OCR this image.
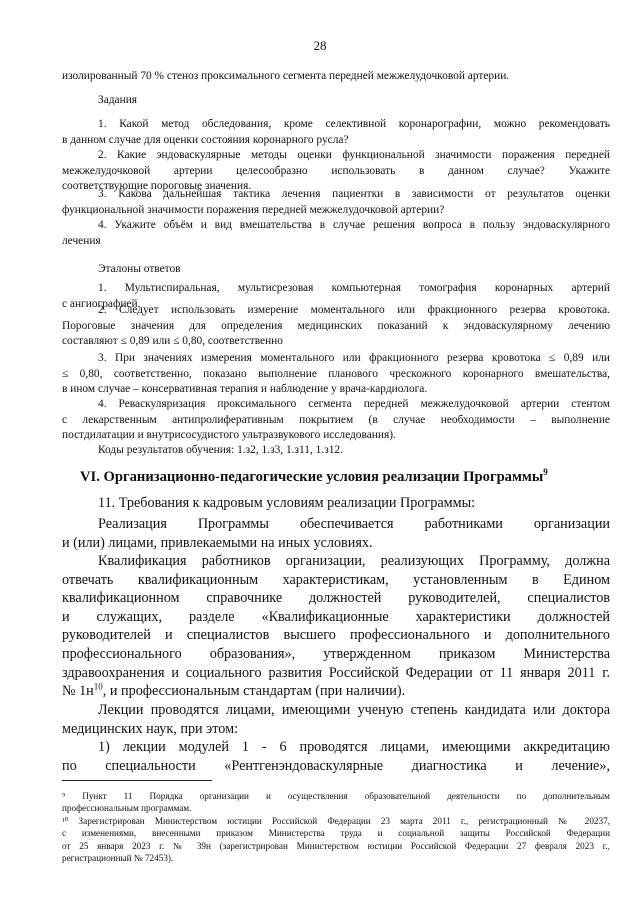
28
изолированный 70 % стеноз проксимального сегмента передней межжелудочковой артерии.
Задания
1. Какой метод обследования, кроме селективной коронарографии, можно рекомендовать
в данном случае для оценки состояния коронарного русла?
2. Какие эндоваскулярные методы оценки функциональной значимости поражения передней
межжелудочковой артерии целесообразно использовать в данном случае? Укажите
соответствующие пороговые значения.
3. Какова дальнейшая тактика лечения пациентки в зависимости от результатов оценки
функциональной значимости поражения передней межжелудочковой артерии?
4. Укажите объём и вид вмешательства в случае решения вопроса в пользу эндоваскулярного
лечения
Эталоны ответов
1. Мультиспиральная, мультисрезовая компьютерная томография коронарных артерий
с ангиографией.
2. Следует использовать измерение моментального или фракционного резерва кровотока.
Пороговые значения для определения медицинских показаний к эндоваскулярному лечению
составляют ≤ 0,89 или ≤ 0,80, соответственно
3. При значениях измерения моментального или фракционного резерва кровотока ≤ 0,89 или
≤ 0,80, соответственно, показано выполнение планового чрескожного коронарного вмешательства,
в ином случае – консервативная терапия и наблюдение у врача-кардиолога.
4. Реваскуляризация проксимального сегмента передней межжелудочковой артерии стентом
с лекарственным антипролиферативным покрытием (в случае необходимости – выполнение
постдилатации и внутрисосудистого ультразвукового исследования).
Коды результатов обучения: 1.з2, 1.з3, 1.з11, 1.з12.
VI. Организационно-педагогические условия реализации Программы$^9$
11. Требования к кадровым условиям реализации Программы:
Реализация Программы обеспечивается работниками организации
и (или) лицами, привлекаемыми на иных условиях.
Квалификация работников организации, реализующих Программу, должна
отвечать квалификационным характеристикам, установленным в Едином
квалификационном справочнике должностей руководителей, специалистов
и служащих, разделе «Квалификационные характеристики должностей
руководителей и специалистов высшего профессионального и дополнительного
профессионального образования», утвержденном приказом Министерства
здравоохранения и социального развития Российской Федерации от 11 января 2011 г.
№ $1н^{10}$, и профессиональным стандартам (при наличии).
Лекции проводятся лицами, имеющими ученую степень кандидата или доктора
медицинских наук, при этом:
1) лекции модулей 1 - 6 проводятся лицами, имеющими аккредитацию
по специальности «Рентгенэндоваскулярные диагностика и лечение»,
⁹ Пункт 11 Порядка организации и осуществления образовательной деятельности по дополнительным
профессиональным программам.
¹⁰ Зарегистрирован Министерством юстиции Российской Федерации 23 марта 2011 г., регистрационный № 20237,
с изменениями, внесенными приказом Министерства труда и социальной защиты Российской Федерации
от 25 января 2023 г. № 39н (зарегистрирован Министерством юстиции Российской Федерации 27 февраля 2023 г.,
регистрационный № 72453).
